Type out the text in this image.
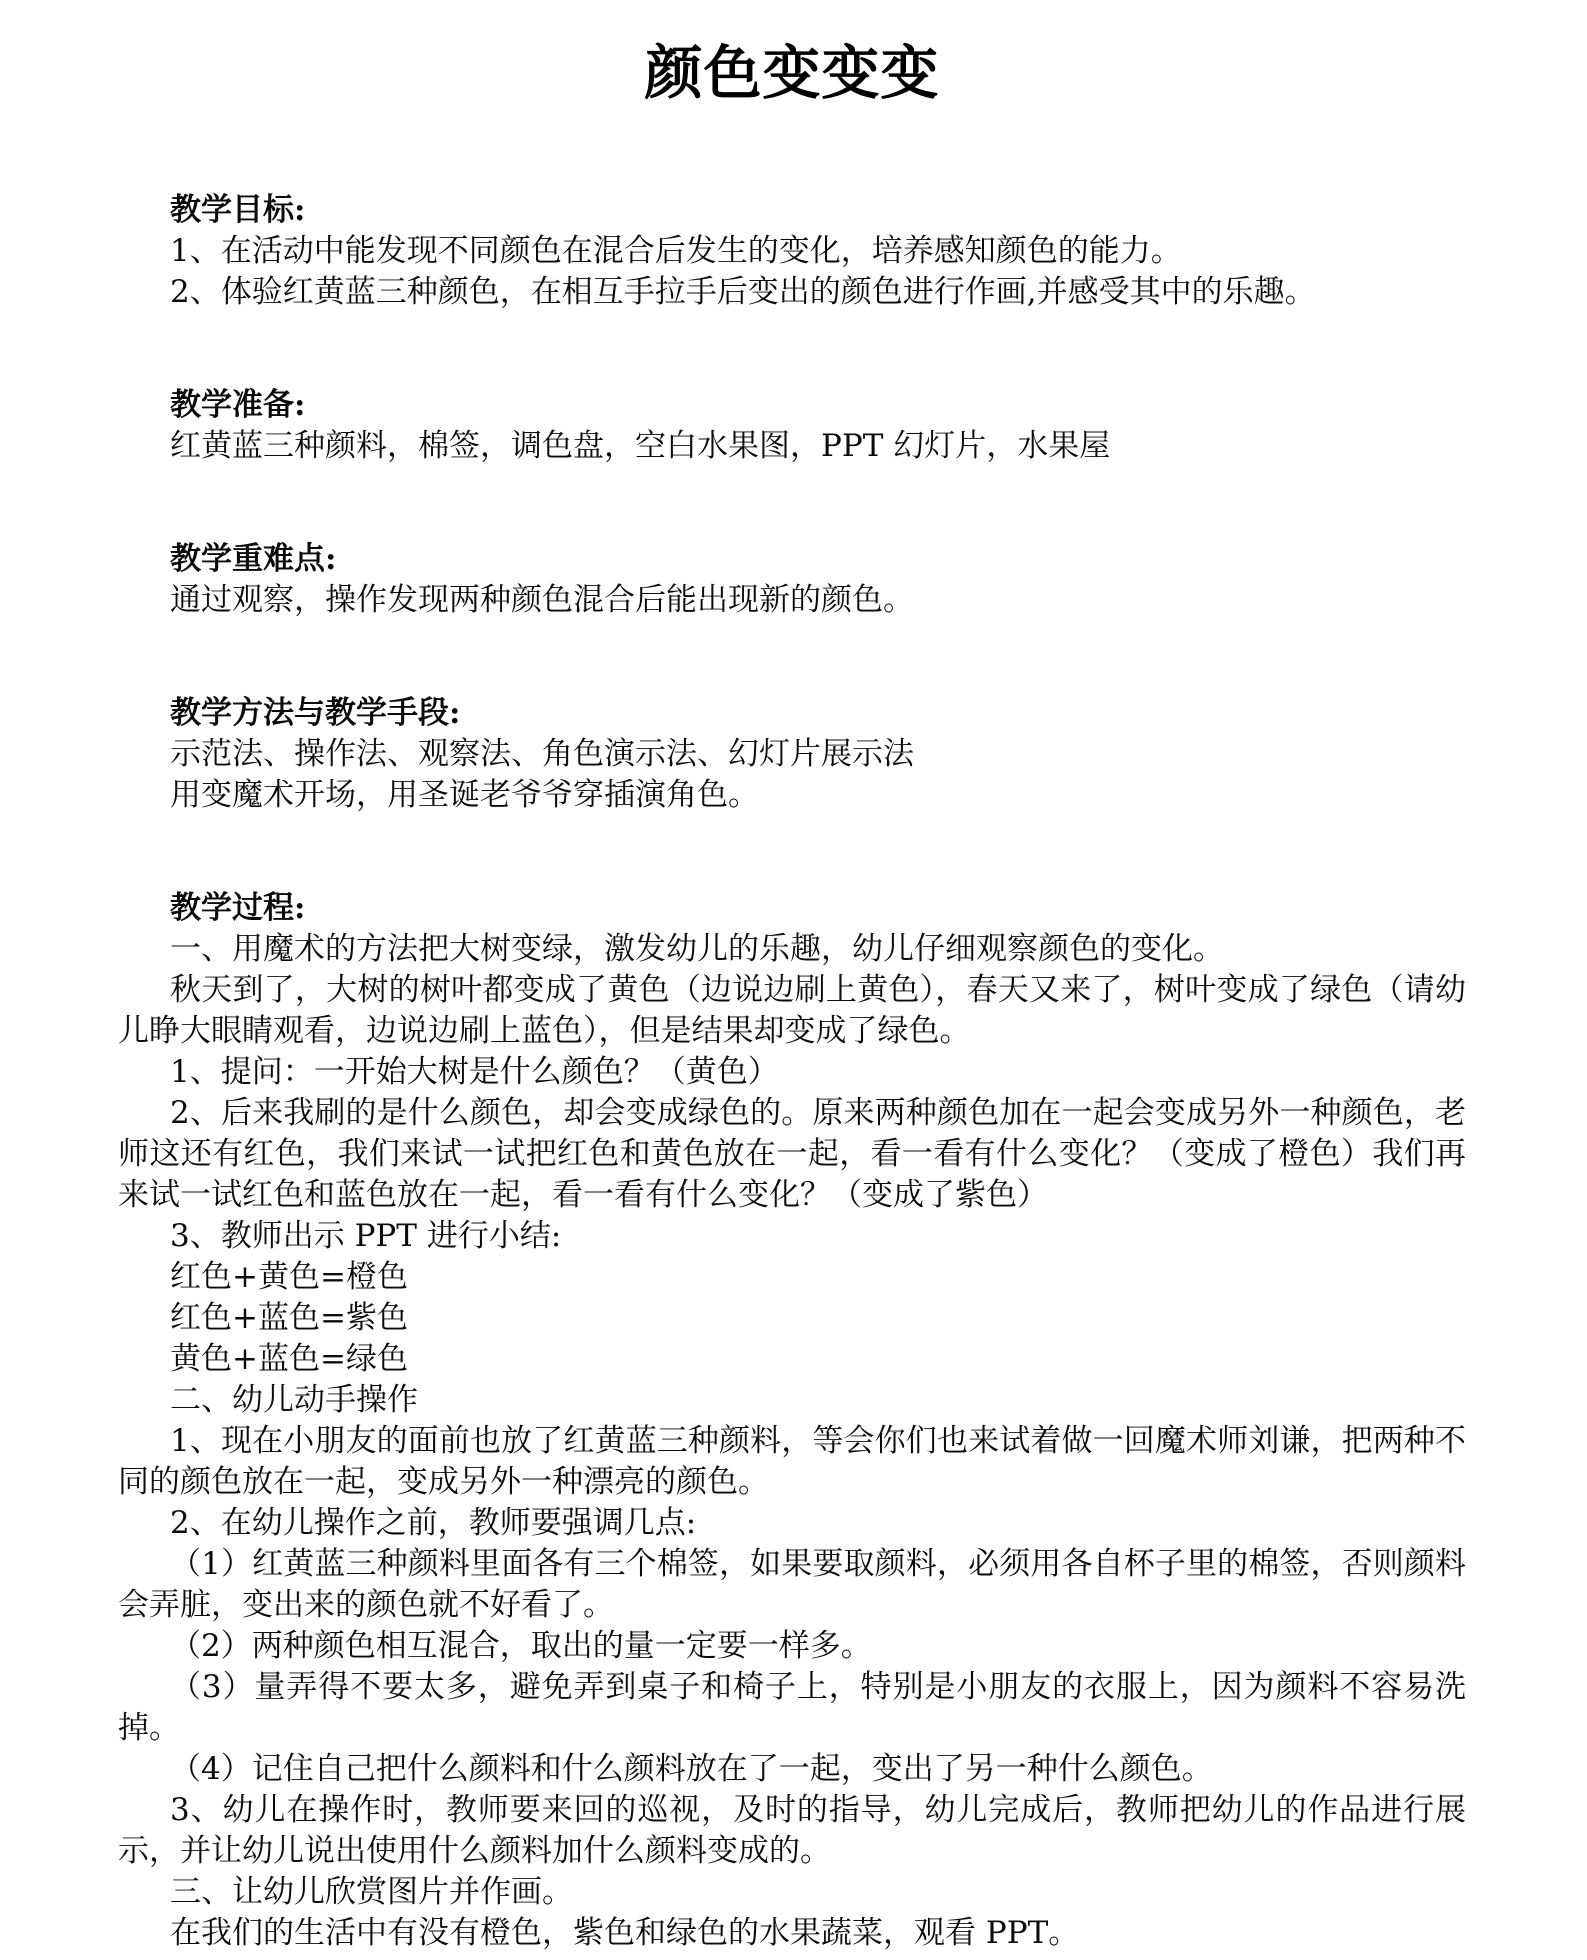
颜色变变变

教学目标:

1、在活动中能发现不同颜色在混合后发生的变化，培养感知颜色的能力。

2、体验红黄蓝三种颜色，在相互手拉手后变出的颜色进行作画,并感受其中的乐趣。

教学准备:

红黄蓝三种颜料，棉签，调色盘，空白水果图，PPT 幻灯片，水果屋

教学重难点:

通过观察，操作发现两种颜色混合后能出现新的颜色。

教学方法与教学手段:

示范法、操作法、观察法、角色演示法、幻灯片展示法

用变魔术开场，用圣诞老爷爷穿插演角色。

教学过程:

一、用魔术的方法把大树变绿，激发幼儿的乐趣，幼儿仔细观察颜色的变化。

秋天到了，大树的树叶都变成了黄色（边说边刷上黄色），春天又来了，树叶变成了绿色（请幼儿睁大眼睛观看，边说边刷上蓝色），但是结果却变成了绿色。

1、提问：一开始大树是什么颜色？（黄色）

2、后来我刷的是什么颜色，却会变成绿色的。原来两种颜色加在一起会变成另外一种颜色，老师这还有红色，我们来试一试把红色和黄色放在一起，看一看有什么变化？（变成了橙色）我们再来试一试红色和蓝色放在一起，看一看有什么变化？（变成了紫色）

3、教师出示 PPT 进行小结:

红色+黄色=橙色

红色+蓝色=紫色

黄色+蓝色=绿色

二、幼儿动手操作

1、现在小朋友的面前也放了红黄蓝三种颜料，等会你们也来试着做一回魔术师刘谦，把两种不同的颜色放在一起，变成另外一种漂亮的颜色。

2、在幼儿操作之前，教师要强调几点:

（1）红黄蓝三种颜料里面各有三个棉签，如果要取颜料，必须用各自杯子里的棉签，否则颜料会弄脏，变出来的颜色就不好看了。

（2）两种颜色相互混合，取出的量一定要一样多。

（3）量弄得不要太多，避免弄到桌子和椅子上，特别是小朋友的衣服上，因为颜料不容易洗掉。

（4）记住自己把什么颜料和什么颜料放在了一起，变出了另一种什么颜色。

3、幼儿在操作时，教师要来回的巡视，及时的指导，幼儿完成后，教师把幼儿的作品进行展示，并让幼儿说出使用什么颜料加什么颜料变成的。

三、让幼儿欣赏图片并作画。

在我们的生活中有没有橙色，紫色和绿色的水果蔬菜，观看 PPT。
